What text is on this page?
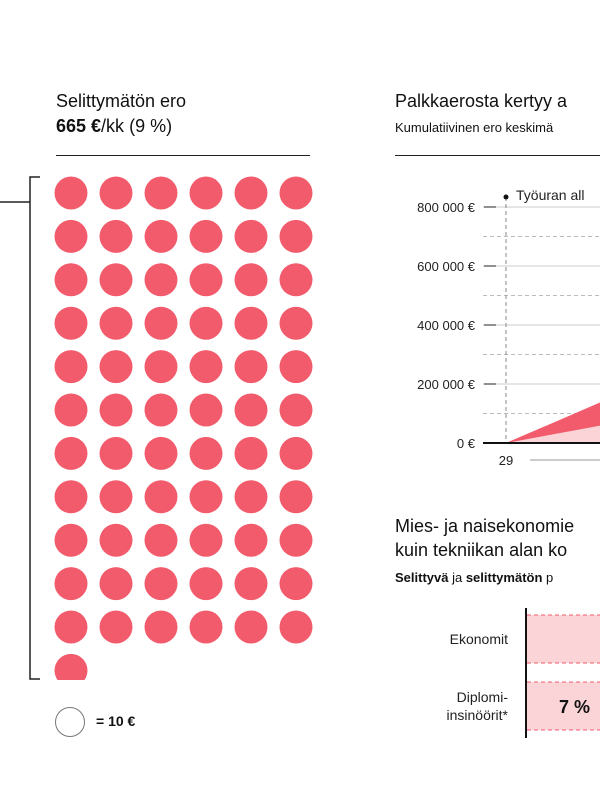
Selittymätön ero
665 €/kk (9 %)
= 10 €
Palkkaerosta kertyy a
Kumulatiivinen ero keskimä
0 €
200 000 €
400 000 €
600 000 €
800 000 €
Työuran all
29
Mies- ja naisekonomie
kuin tekniikan alan ko
Selittyvä ja selittymätön p
Ekonomit
Diplomi-
insinöörit*	7 %
